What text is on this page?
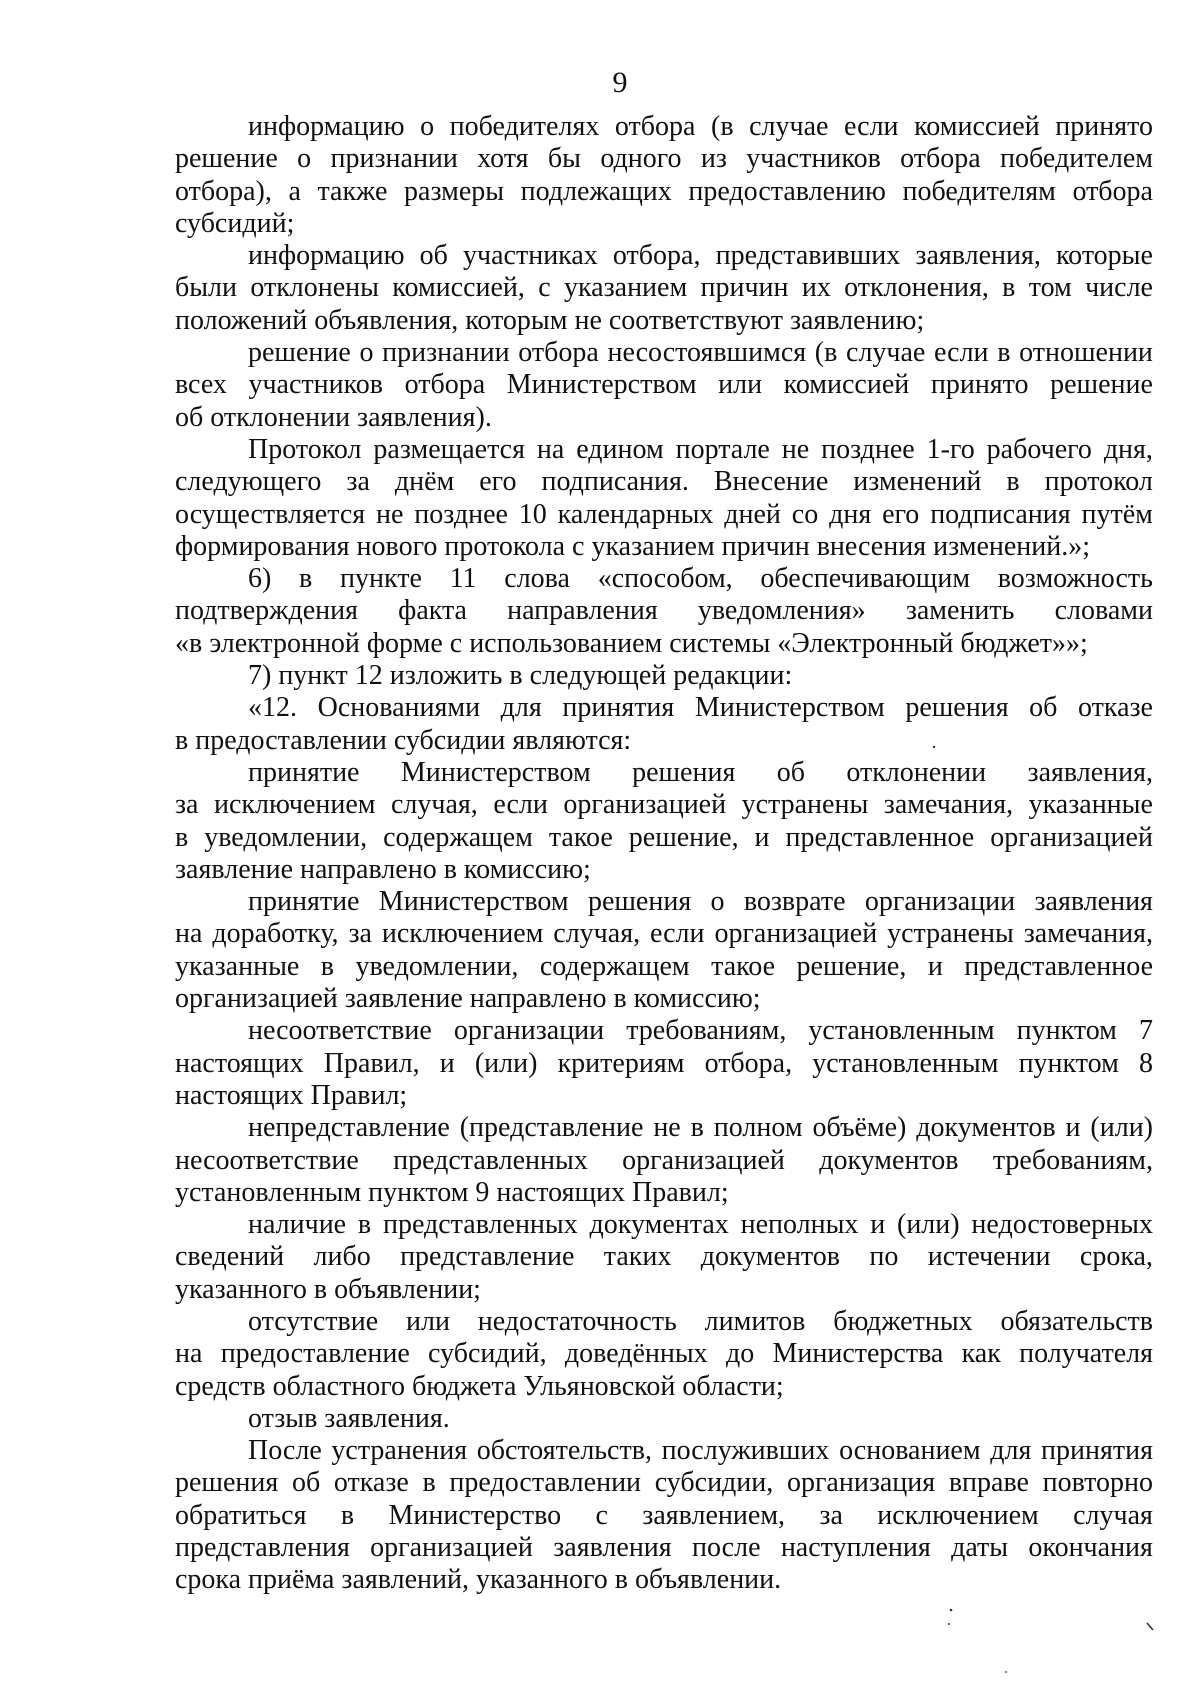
9
информацию о победителях отбора (в случае если комиссией принято
решение о признании хотя бы одного из участников отбора победителем
отбора), а также размеры подлежащих предоставлению победителям отбора
субсидий;
информацию об участниках отбора, представивших заявления, которые
были отклонены комиссией, с указанием причин их отклонения, в том числе
положений объявления, которым не соответствуют заявлению;
решение о признании отбора несостоявшимся (в случае если в отношении
всех участников отбора Министерством или комиссией принято решение
об отклонении заявления).
Протокол размещается на едином портале не позднее 1-го рабочего дня,
следующего за днём его подписания. Внесение изменений в протокол
осуществляется не позднее 10 календарных дней со дня его подписания путём
формирования нового протокола с указанием причин внесения изменений.»;
6) в пункте 11 слова «способом, обеспечивающим возможность
подтверждения факта направления уведомления» заменить словами
«в электронной форме с использованием системы «Электронный бюджет»»;
7) пункт 12 изложить в следующей редакции:
«12. Основаниями для принятия Министерством решения об отказе
в предоставлении субсидии являются:
принятие Министерством решения об отклонении заявления,
за исключением случая, если организацией устранены замечания, указанные
в уведомлении, содержащем такое решение, и представленное организацией
заявление направлено в комиссию;
принятие Министерством решения о возврате организации заявления
на доработку, за исключением случая, если организацией устранены замечания,
указанные в уведомлении, содержащем такое решение, и представленное
организацией заявление направлено в комиссию;
несоответствие организации требованиям, установленным пунктом 7
настоящих Правил, и (или) критериям отбора, установленным пунктом 8
настоящих Правил;
непредставление (представление не в полном объёме) документов и (или)
несоответствие представленных организацией документов требованиям,
установленным пунктом 9 настоящих Правил;
наличие в представленных документах неполных и (или) недостоверных
сведений либо представление таких документов по истечении срока,
указанного в объявлении;
отсутствие или недостаточность лимитов бюджетных обязательств
на предоставление субсидий, доведённых до Министерства как получателя
средств областного бюджета Ульяновской области;
отзыв заявления.
После устранения обстоятельств, послуживших основанием для принятия
решения об отказе в предоставлении субсидии, организация вправе повторно
обратиться в Министерство с заявлением, за исключением случая
представления организацией заявления после наступления даты окончания
срока приёма заявлений, указанного в объявлении.
